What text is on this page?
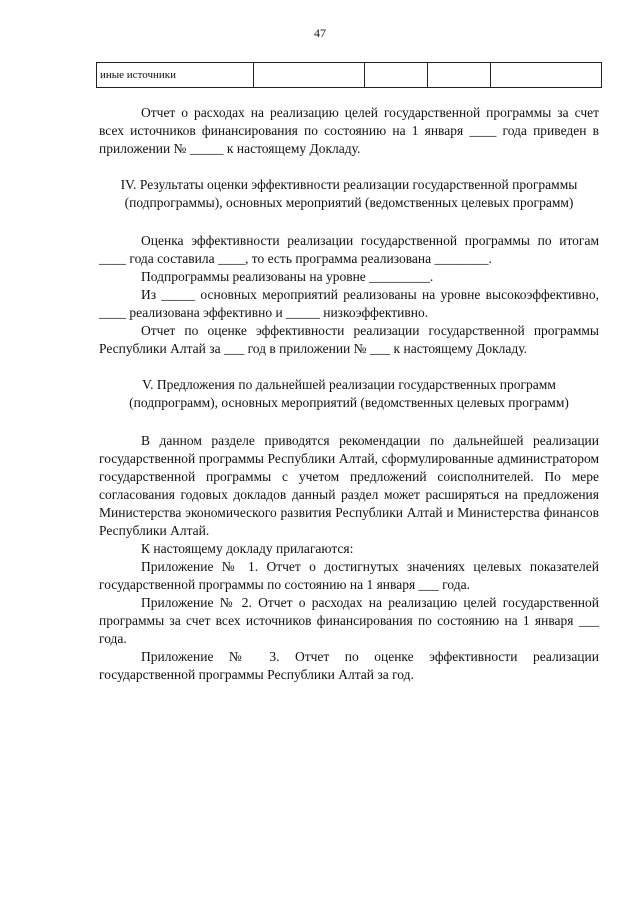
47
иные источники					

Отчет о расходах на реализацию целей государственной программы за счет всех источников финансирования по состоянию на 1 января ____ года приведен в приложении № _____ к настоящему Докладу.

IV. Результаты оценки эффективности реализации государственной программы (подпрограммы), основных мероприятий (ведомственных целевых программ)

Оценка эффективности реализации государственной программы по итогам ____ года составила ____, то есть программа реализована ________.

Подпрограммы реализованы на уровне _________.

Из _____ основных мероприятий реализованы на уровне высокоэффективно, ____ реализована эффективно и _____ низкоэффективно.

Отчет по оценке эффективности реализации государственной программы Республики Алтай за ___ год в приложении № ___ к настоящему Докладу.

V. Предложения по дальнейшей реализации государственных программ (подпрограмм), основных мероприятий (ведомственных целевых программ)

В данном разделе приводятся рекомендации по дальнейшей реализации государственной программы Республики Алтай, сформулированные администратором государственной программы с учетом предложений соисполнителей. По мере согласования годовых докладов данный раздел может расширяться на предложения Министерства экономического развития Республики Алтай и Министерства финансов Республики Алтай.

К настоящему докладу прилагаются:

Приложение № 1. Отчет о достигнутых значениях целевых показателей государственной программы по состоянию на 1 января ___ года.

Приложение № 2. Отчет о расходах на реализацию целей государственной программы за счет всех источников финансирования по состоянию на 1 января ___ года.

Приложение № 3. Отчет по оценке эффективности реализации государственной программы Республики Алтай за год.
